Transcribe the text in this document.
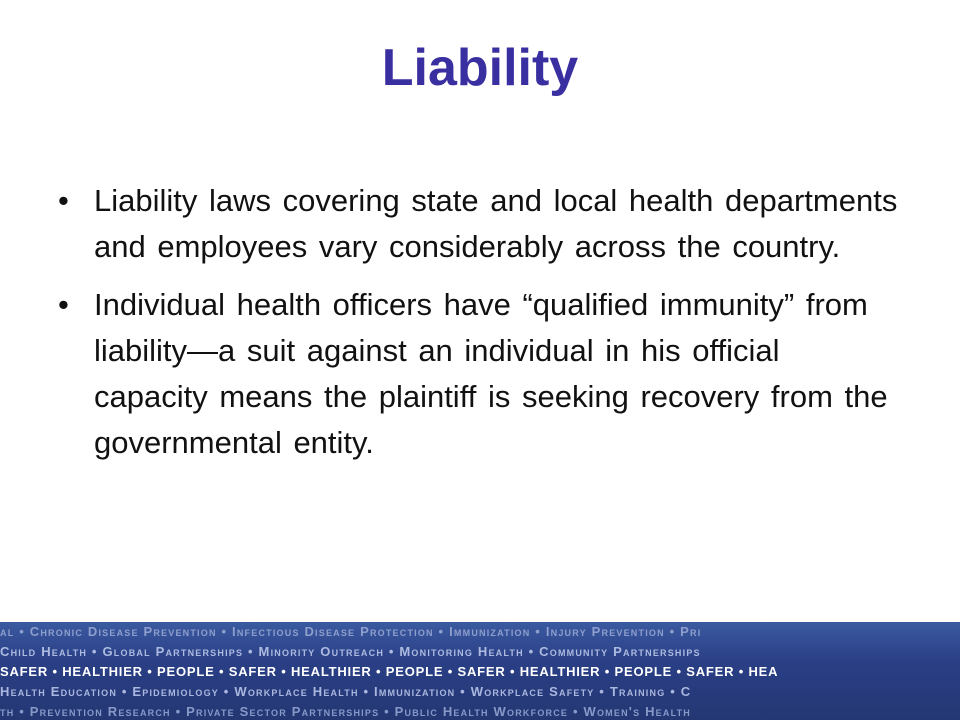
Liability
• Liability laws covering state and local health departments and employees vary considerably across the country.
• Individual health officers have “qualified immunity” from liability—a suit against an individual in his official capacity means the plaintiff is seeking recovery from the governmental entity.
al • Chronic Disease Prevention • Infectious Disease Protection • Immunization • Injury Prevention • Pri
Child Health • Global Partnerships • Minority Outreach • Monitoring Health • Community Partnerships
SAFER • HEALTHIER • PEOPLE • SAFER • HEALTHIER • PEOPLE • SAFER • HEALTHIER • PEOPLE • SAFER • HEA
Health Education • Epidemiology • Workplace Health • Immunization • Workplace Safety • Training • C
th • Prevention Research • Private Sector Partnerships • Public Health Workforce • Women's Health
